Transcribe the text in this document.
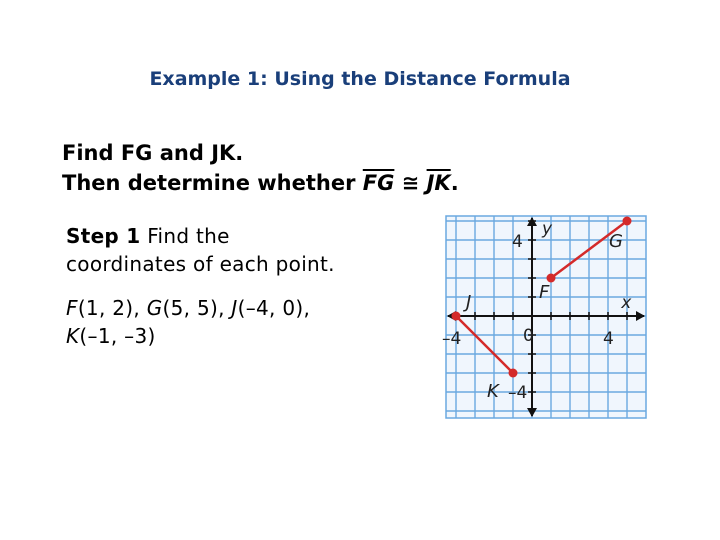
Example 1: Using the Distance Formula
Find FG and JK.
Then determine whether $\overline{FG}$ ≅ $\overline{JK}$.
Step 1 Find the
coordinates of each point.
F(1, 2), G(5, 5), J(–4, 0),
K(–1, –3)
y
x
–4	0	4
4
–4
F
G
J
K
